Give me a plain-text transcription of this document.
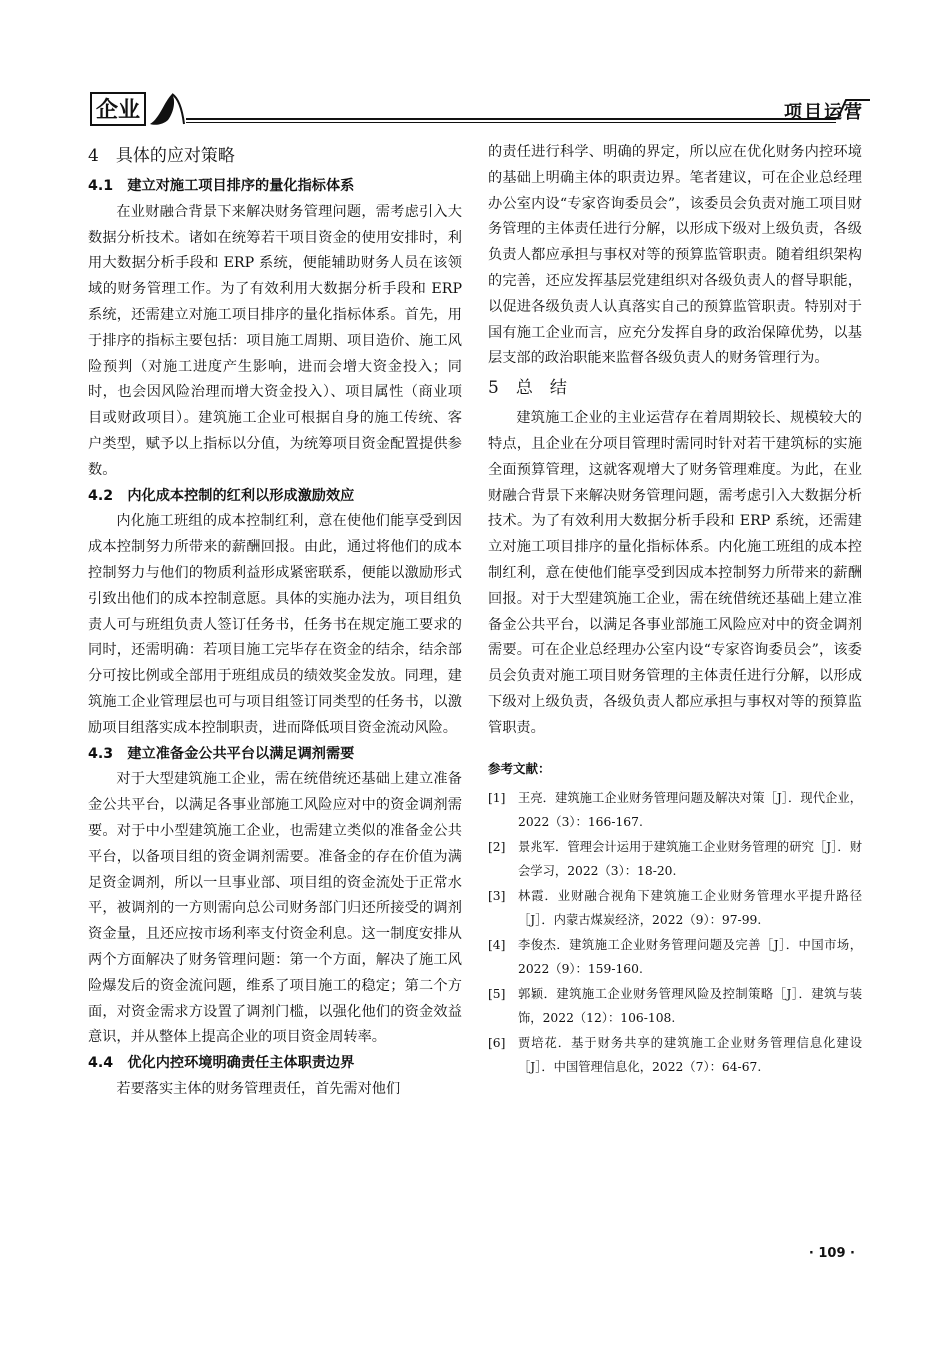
企业	项目运营
4　具体的应对策略
4.1　建立对施工项目排序的量化指标体系

在业财融合背景下来解决财务管理问题，需考虑引入大数据分析技术。诸如在统筹若干项目资金的使用安排时，利用大数据分析手段和 ERP 系统，便能辅助财务人员在该领域的财务管理工作。为了有效利用大数据分析手段和 ERP 系统，还需建立对施工项目排序的量化指标体系。首先，用于排序的指标主要包括：项目施工周期、项目造价、施工风险预判（对施工进度产生影响，进而会增大资金投入；同时，也会因风险治理而增大资金投入）、项目属性（商业项目或财政项目）。建筑施工企业可根据自身的施工传统、客户类型，赋予以上指标以分值，为统筹项目资金配置提供参数。

4.2　内化成本控制的红利以形成激励效应

内化施工班组的成本控制红利，意在使他们能享受到因成本控制努力所带来的薪酬回报。由此，通过将他们的成本控制努力与他们的物质利益形成紧密联系，便能以激励形式引致出他们的成本控制意愿。具体的实施办法为，项目组负责人可与班组负责人签订任务书，任务书在规定施工要求的同时，还需明确：若项目施工完毕存在资金的结余，结余部分可按比例或全部用于班组成员的绩效奖金发放。同理，建筑施工企业管理层也可与项目组签订同类型的任务书，以激励项目组落实成本控制职责，进而降低项目资金流动风险。

4.3　建立准备金公共平台以满足调剂需要

对于大型建筑施工企业，需在统借统还基础上建立准备金公共平台，以满足各事业部施工风险应对中的资金调剂需要。对于中小型建筑施工企业，也需建立类似的准备金公共平台，以备项目组的资金调剂需要。准备金的存在价值为满足资金调剂，所以一旦事业部、项目组的资金流处于正常水平，被调剂的一方则需向总公司财务部门归还所接受的调剂资金量，且还应按市场利率支付资金利息。这一制度安排从两个方面解决了财务管理问题：第一个方面，解决了施工风险爆发后的资金流问题，维系了项目施工的稳定；第二个方面，对资金需求方设置了调剂门槛，以强化他们的资金效益意识，并从整体上提高企业的项目资金周转率。

4.4　优化内控环境明确责任主体职责边界

若要落实主体的财务管理责任，首先需对他们

的责任进行科学、明确的界定，所以应在优化财务内控环境的基础上明确主体的职责边界。笔者建议，可在企业总经理办公室内设“专家咨询委员会”，该委员会负责对施工项目财务管理的主体责任进行分解，以形成下级对上级负责，各级负责人都应承担与事权对等的预算监管职责。随着组织架构的完善，还应发挥基层党建组织对各级负责人的督导职能，以促进各级负责人认真落实自己的预算监管职责。特别对于国有施工企业而言，应充分发挥自身的政治保障优势，以基层支部的政治职能来监督各级负责人的财务管理行为。

5　总　结

建筑施工企业的主业运营存在着周期较长、规模较大的特点，且企业在分项目管理时需同时针对若干建筑标的实施全面预算管理，这就客观增大了财务管理难度。为此，在业财融合背景下来解决财务管理问题，需考虑引入大数据分析技术。为了有效利用大数据分析手段和 ERP 系统，还需建立对施工项目排序的量化指标体系。内化施工班组的成本控制红利，意在使他们能享受到因成本控制努力所带来的薪酬回报。对于大型建筑施工企业，需在统借统还基础上建立准备金公共平台，以满足各事业部施工风险应对中的资金调剂需要。可在企业总经理办公室内设“专家咨询委员会”，该委员会负责对施工项目财务管理的主体责任进行分解，以形成下级对上级负责，各级负责人都应承担与事权对等的预算监管职责。

参考文献：
[1]	王亮．建筑施工企业财务管理问题及解决对策［J］．现代企业，2022（3）：166-167.
[2]	景兆军．管理会计运用于建筑施工企业财务管理的研究［J］．财会学习，2022（3）：18-20.
[3]	林霞．业财融合视角下建筑施工企业财务管理水平提升路径［J］．内蒙古煤炭经济，2022（9）：97-99.
[4]	李俊杰．建筑施工企业财务管理问题及完善［J］．中国市场，2022（9）：159-160.
[5]	郭颖．建筑施工企业财务管理风险及控制策略［J］．建筑与装饰，2022（12）：106-108.
[6]	贾培花．基于财务共享的建筑施工企业财务管理信息化建设［J］．中国管理信息化，2022（7）：64-67.
· 109 ·
